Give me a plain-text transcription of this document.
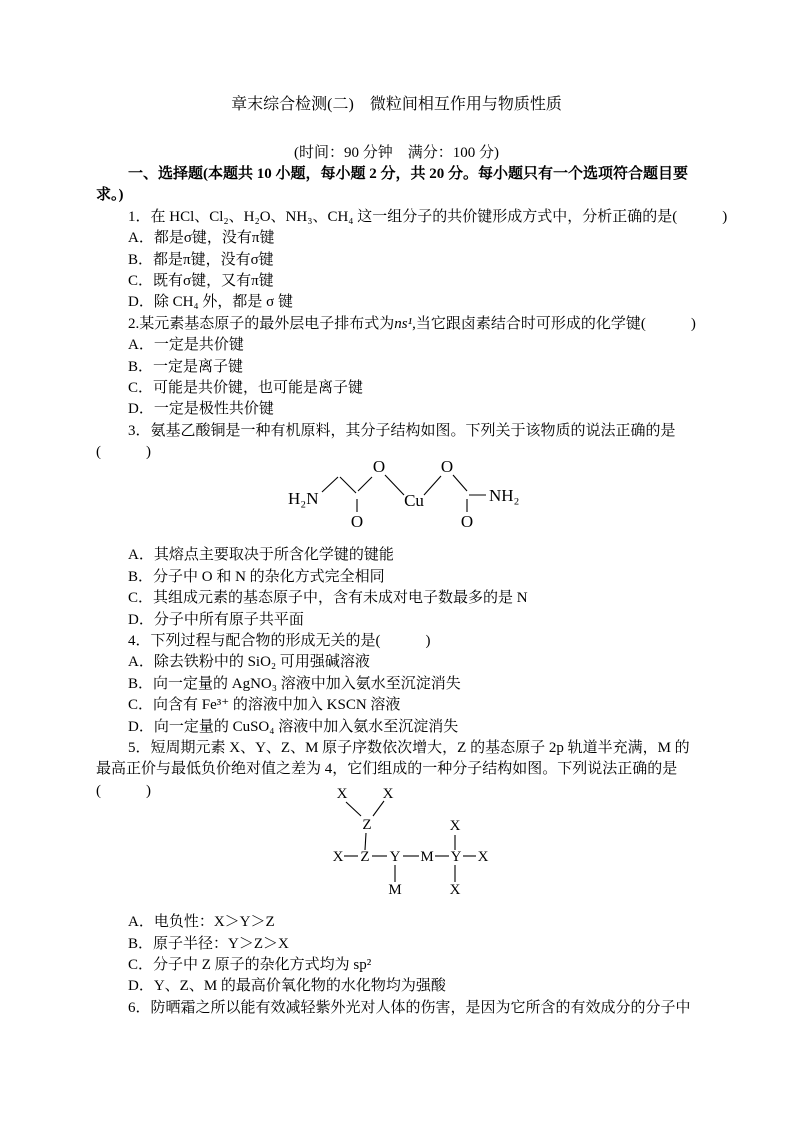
章末综合检测(二)　微粒间相互作用与物质性质
(时间：90 分钟　满分：100 分)
一、选择题(本题共 10 小题，每小题 2 分，共 20 分。每小题只有一个选项符合题目要
求。)
1．在 HCl、Cl₂、H₂O、NH₃、CH₄ 这一组分子的共价键形成方式中，分析正确的是(　　　)
A．都是σ键，没有π键
B．都是π键，没有σ键
C．既有σ键，又有π键
D．除 CH₄ 外，都是 σ 键
2.某元素基态原子的最外层电子排布式为ns¹,当它跟卤素结合时可形成的化学键(　　　)
A．一定是共价键
B．一定是离子键
C．可能是共价键，也可能是离子键
D．一定是极性共价键
3．氨基乙酸铜是一种有机原料，其分子结构如图。下列关于该物质的说法正确的是
(　　　)
H₂N
O	O
Cu	NH₂
O	O
A．其熔点主要取决于所含化学键的键能
B．分子中 O 和 N 的杂化方式完全相同
C．其组成元素的基态原子中，含有未成对电子数最多的是 N
D．分子中所有原子共平面
4．下列过程与配合物的形成无关的是(　　　)
A．除去铁粉中的 SiO₂ 可用强碱溶液
B．向一定量的 AgNO₃ 溶液中加入氨水至沉淀消失
C．向含有 Fe³⁺ 的溶液中加入 KSCN 溶液
D．向一定量的 CuSO₄ 溶液中加入氨水至沉淀消失
5．短周期元素 X、Y、Z、M 原子序数依次增大，Z 的基态原子 2p 轨道半充满，M 的
最高正价与最低负价绝对值之差为 4，它们组成的一种分子结构如图。下列说法正确的是
(　　　)	X X
Z
X Z Y M Y X
X
M	X
A．电负性：X＞Y＞Z
B．原子半径：Y＞Z＞X
C．分子中 Z 原子的杂化方式均为 sp²
D．Y、Z、M 的最高价氧化物的水化物均为强酸
6．防晒霜之所以能有效减轻紫外光对人体的伤害，是因为它所含的有效成分的分子中
